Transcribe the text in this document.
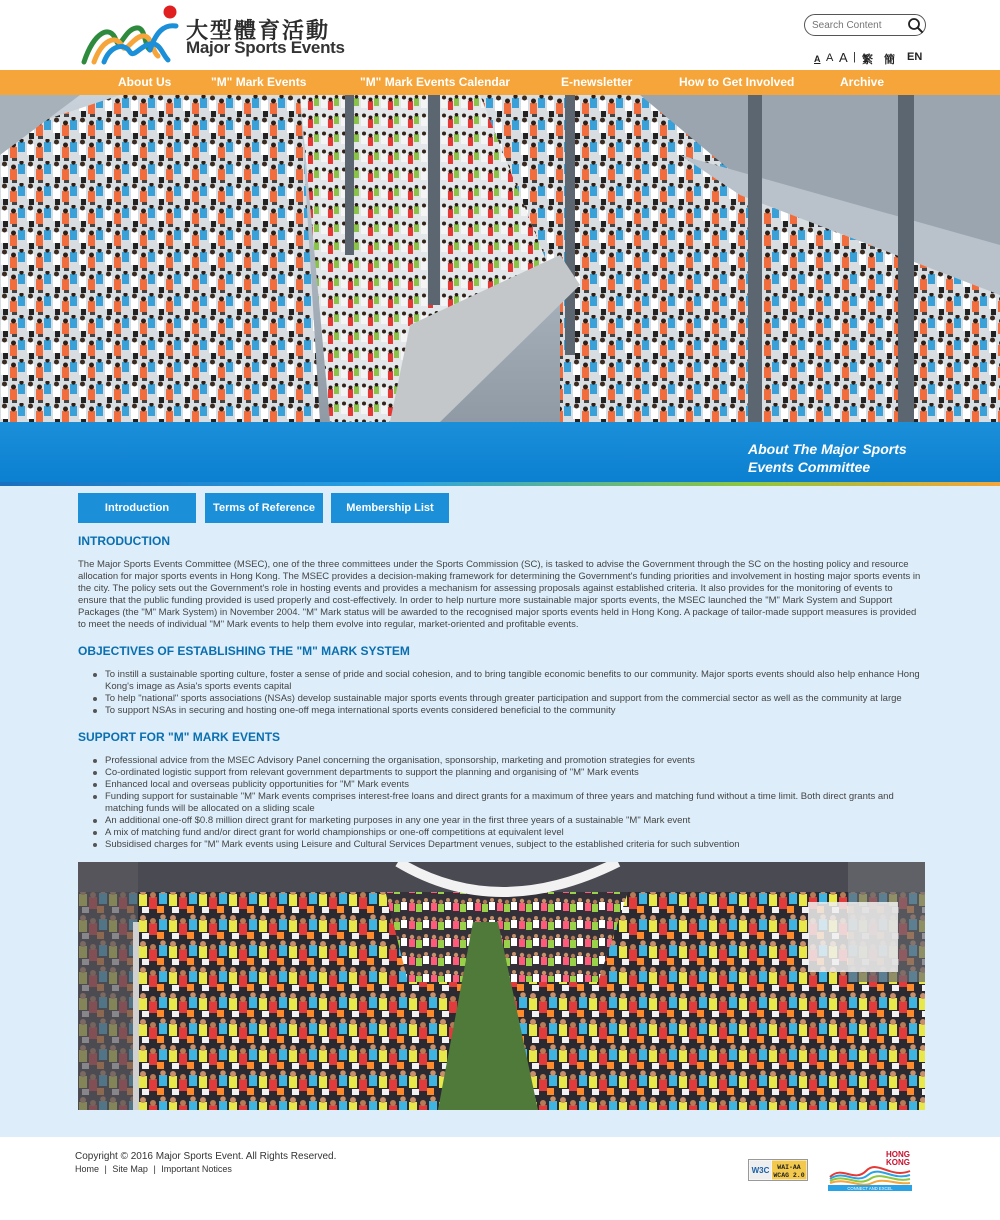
大型體育活動
Major Sports Events
Search Content
A A A | 繁 簡 EN
About Us	"M" Mark Events	"M" Mark Events Calendar	E-newsletter	How to Get Involved	Archive
About The Major Sports
Events Committee
Introduction	Terms of Reference	Membership List
INTRODUCTION
The Major Sports Events Committee (MSEC), one of the three committees under the Sports Commission (SC), is tasked to advise the Government through the SC on the hosting policy and resource allocation for major sports events in Hong Kong. The MSEC provides a decision-making framework for determining the Government's funding priorities and involvement in hosting major sports events in the city. The policy sets out the Government's role in hosting events and provides a mechanism for assessing proposals against established criteria. It also provides for the monitoring of events to ensure that the public funding provided is used properly and cost-effectively. In order to help nurture more sustainable major sports events, the MSEC launched the "M" Mark System and Support Packages (the "M" Mark System) in November 2004. "M" Mark status will be awarded to the recognised major sports events held in Hong Kong. A package of tailor-made support measures is provided to meet the needs of individual "M" Mark events to help them evolve into regular, market-oriented and profitable events.
OBJECTIVES OF ESTABLISHING THE "M" MARK SYSTEM
To instill a sustainable sporting culture, foster a sense of pride and social cohesion, and to bring tangible economic benefits to our community. Major sports events should also help enhance Hong Kong's image as Asia's sports events capital
To help "national" sports associations (NSAs) develop sustainable major sports events through greater participation and support from the commercial sector as well as the community at large
To support NSAs in securing and hosting one-off mega international sports events considered beneficial to the community
SUPPORT FOR "M" MARK EVENTS
Professional advice from the MSEC Advisory Panel concerning the organisation, sponsorship, marketing and promotion strategies for events
Co-ordinated logistic support from relevant government departments to support the planning and organising of "M" Mark events
Enhanced local and overseas publicity opportunities for "M" Mark events
Funding support for sustainable "M" Mark events comprises interest-free loans and direct grants for a maximum of three years and matching fund without a time limit. Both direct grants and matching funds will be allocated on a sliding scale
An additional one-off $0.8 million direct grant for marketing purposes in any one year in the first three years of a sustainable "M" Mark event
A mix of matching fund and/or direct grant for world championships or one-off competitions at equivalent level
Subsidised charges for "M" Mark events using Leisure and Cultural Services Department venues, subject to the established criteria for such subvention
Copyright © 2016 Major Sports Event. All Rights Reserved.
Home | Site Map | Important Notices	W3C WAI-AA
WCAG 2.0
HONG
KONG
CONNECT AND EXCEL
